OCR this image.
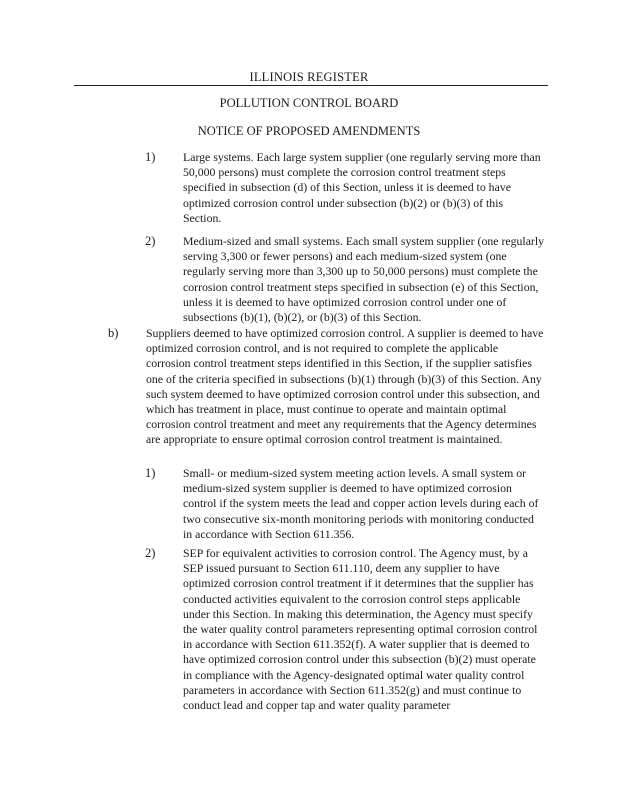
ILLINOIS REGISTER
POLLUTION CONTROL BOARD
NOTICE OF PROPOSED AMENDMENTS
1) Large systems. Each large system supplier (one regularly serving more than 50,000 persons) must complete the corrosion control treatment steps specified in subsection (d) of this Section, unless it is deemed to have optimized corrosion control under subsection (b)(2) or (b)(3) of this Section.

2) Medium-sized and small systems. Each small system supplier (one regularly serving 3,300 or fewer persons) and each medium-sized system (one regularly serving more than 3,300 up to 50,000 persons) must complete the corrosion control treatment steps specified in subsection (e) of this Section, unless it is deemed to have optimized corrosion control under one of subsections (b)(1), (b)(2), or (b)(3) of this Section.

b) Suppliers deemed to have optimized corrosion control. A supplier is deemed to have optimized corrosion control, and is not required to complete the applicable corrosion control treatment steps identified in this Section, if the supplier satisfies one of the criteria specified in subsections (b)(1) through (b)(3) of this Section. Any such system deemed to have optimized corrosion control under this subsection, and which has treatment in place, must continue to operate and maintain optimal corrosion control treatment and meet any requirements that the Agency determines are appropriate to ensure optimal corrosion control treatment is maintained.

1) Small- or medium-sized system meeting action levels. A small system or medium-sized system supplier is deemed to have optimized corrosion control if the system meets the lead and copper action levels during each of two consecutive six-month monitoring periods with monitoring conducted in accordance with Section 611.356.

2) SEP for equivalent activities to corrosion control. The Agency must, by a SEP issued pursuant to Section 611.110, deem any supplier to have optimized corrosion control treatment if it determines that the supplier has conducted activities equivalent to the corrosion control steps applicable under this Section. In making this determination, the Agency must specify the water quality control parameters representing optimal corrosion control in accordance with Section 611.352(f). A water supplier that is deemed to have optimized corrosion control under this subsection (b)(2) must operate in compliance with the Agency-designated optimal water quality control parameters in accordance with Section 611.352(g) and must continue to conduct lead and copper tap and water quality parameter
